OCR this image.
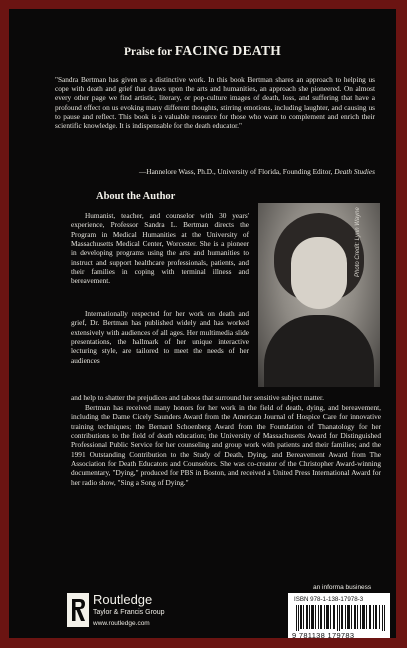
Praise for FACING DEATH
"Sandra Bertman has given us a distinctive work. In this book Bertman shares an approach to helping us cope with death and grief that draws upon the arts and humanities, an approach she pioneered. On almost every other page we find artistic, literary, or pop-culture images of death, loss, and suffering that have a profound effect on us evoking many different thoughts, stirring emotions, including laughter, and causing us to pause and reflect. This book is a valuable resource for those who want to complement and enrich their scientific knowledge. It is indispensable for the death educator."
—Hannelore Wass, Ph.D., University of Florida, Founding Editor, Death Studies
About the Author
Humanist, teacher, and counselor with 30 years' experience, Professor Sandra L. Bertman directs the Program in Medical Humanities at the University of Massachusetts Medical Center, Worcester. She is a pioneer in developing programs using the arts and humanities to instruct and support healthcare professionals, patients, and their families in coping with terminal illness and bereavement.
Internationally respected for her work on death and grief, Dr. Bertman has published widely and has worked extensively with audiences of all ages. Her multimedia slide presentations, the hallmark of her unique interactive lecturing style, are tailored to meet the needs of her audiences
and help to shatter the prejudices and taboos that surround her sensitive subject matter.
Bertman has received many honors for her work in the field of death, dying, and bereavement, including the Dame Cicely Saunders Award from the American Journal of Hospice Care for innovative training techniques; the Bernard Schoenberg Award from the Foundation of Thanatology for her contributions to the field of death education; the University of Massachusetts Award for Distinguished Professional Public Service for her counseling and group work with patients and their families; and the 1991 Outstanding Contribution to the Study of Death, Dying, and Bereavement Award from The Association for Death Educators and Counselors. She was co-creator of the Christopher Award-winning documentary, "Dying," produced for PBS in Boston, and received a United Press International Award for her radio show, "Sing a Song of Dying."
Photo Credit: Lynn Wayne
an informa business
ISBN 978-1-138-17978-3
9 781138 179783
Routledge
Taylor & Francis Group
www.routledge.com
